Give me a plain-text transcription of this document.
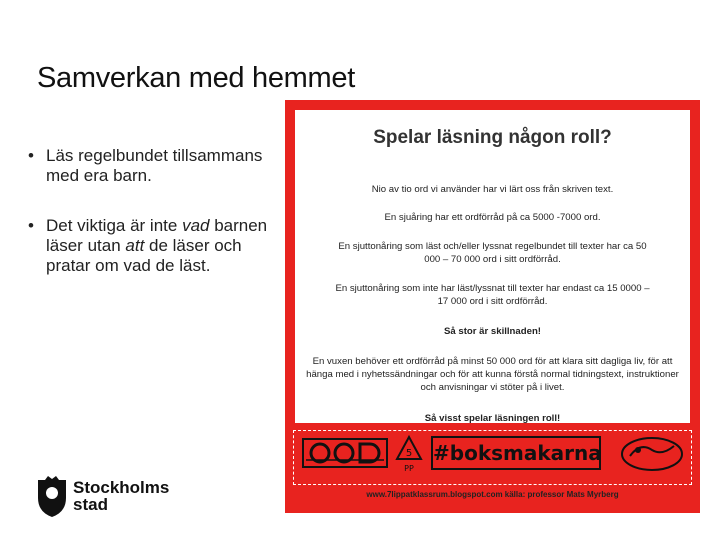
Samverkan med hemmet
• Läs regelbundet tillsammans med era barn.
• Det viktiga är inte vad barnen läser utan att de läser och pratar om vad de läst.
Spelar läsning någon roll?
Nio av tio ord vi använder har vi lärt oss från skriven text.
En sjuåring har ett ordförråd på ca 5000 -7000 ord.
En sjuttonåring som läst och/eller lyssnat regelbundet till texter har ca 50 000 – 70 000 ord i sitt ordförråd.
En sjuttonåring som inte har läst/lyssnat till texter har endast ca 15 0000 – 17 000 ord i sitt ordförråd.
Så stor är skillnaden!
En vuxen behöver ett ordförråd på minst 50 000 ord för att klara sitt dagliga liv, för att hänga med i nyhetssändningar och för att kunna förstå normal tidningstext, instruktioner och anvisningar vi stöter på i livet.
Så visst spelar läsningen roll!
5
PP
#boksmakarna
www.7lippatklassrum.blogspot.com källa: professor Mats Myrberg
Stockholms
stad
